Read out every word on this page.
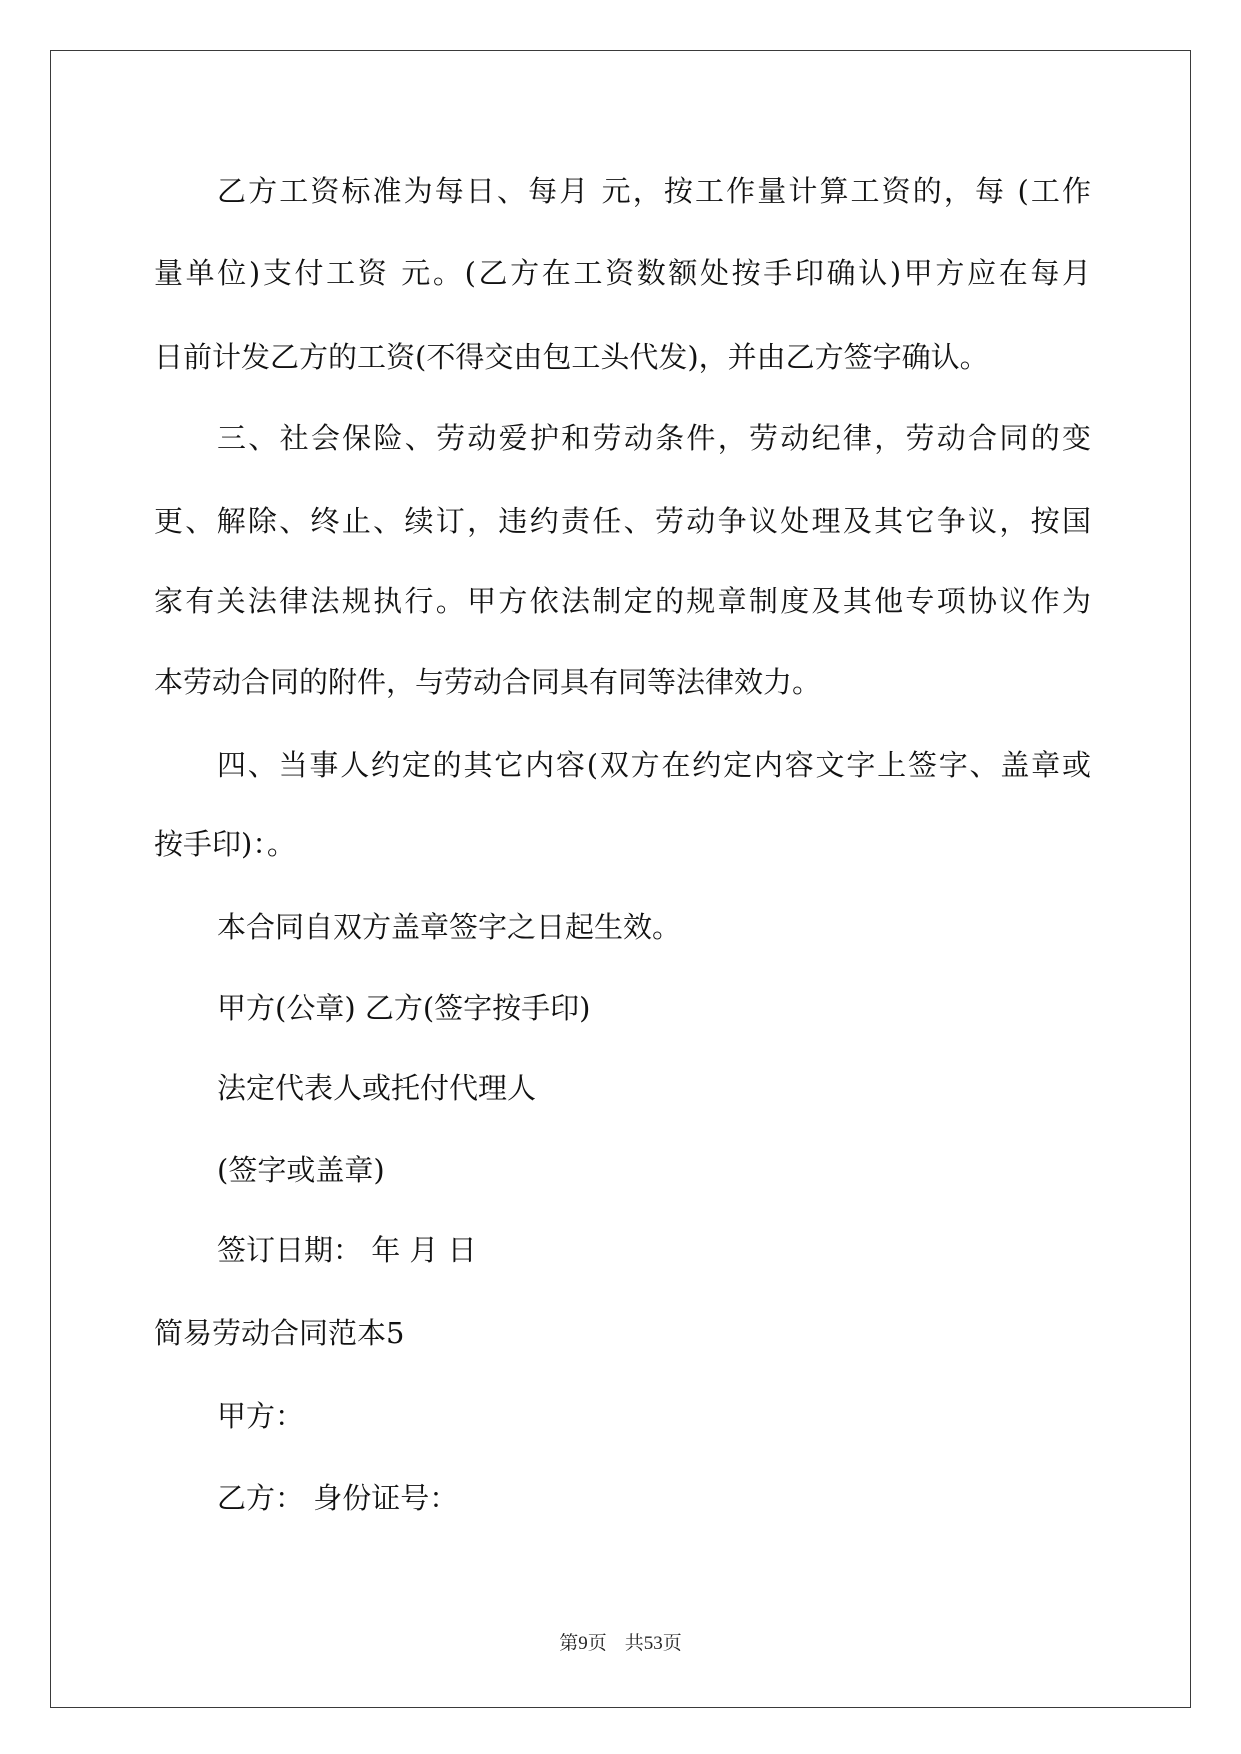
乙方工资标准为每日、每月 元，按工作量计算工资的，每 (工作
量单位)支付工资 元。(乙方在工资数额处按手印确认)甲方应在每月
日前计发乙方的工资(不得交由包工头代发)，并由乙方签字确认。
三、社会保险、劳动爱护和劳动条件，劳动纪律，劳动合同的变
更、解除、终止、续订，违约责任、劳动争议处理及其它争议，按国
家有关法律法规执行。甲方依法制定的规章制度及其他专项协议作为
本劳动合同的附件，与劳动合同具有同等法律效力。
四、当事人约定的其它内容(双方在约定内容文字上签字、盖章或
按手印)：。
本合同自双方盖章签字之日起生效。
甲方(公章) 乙方(签字按手印)
法定代表人或托付代理人
(签字或盖章)
签订日期： 年 月 日
简易劳动合同范本5
甲方：
乙方： 身份证号：
第9页 共53页
